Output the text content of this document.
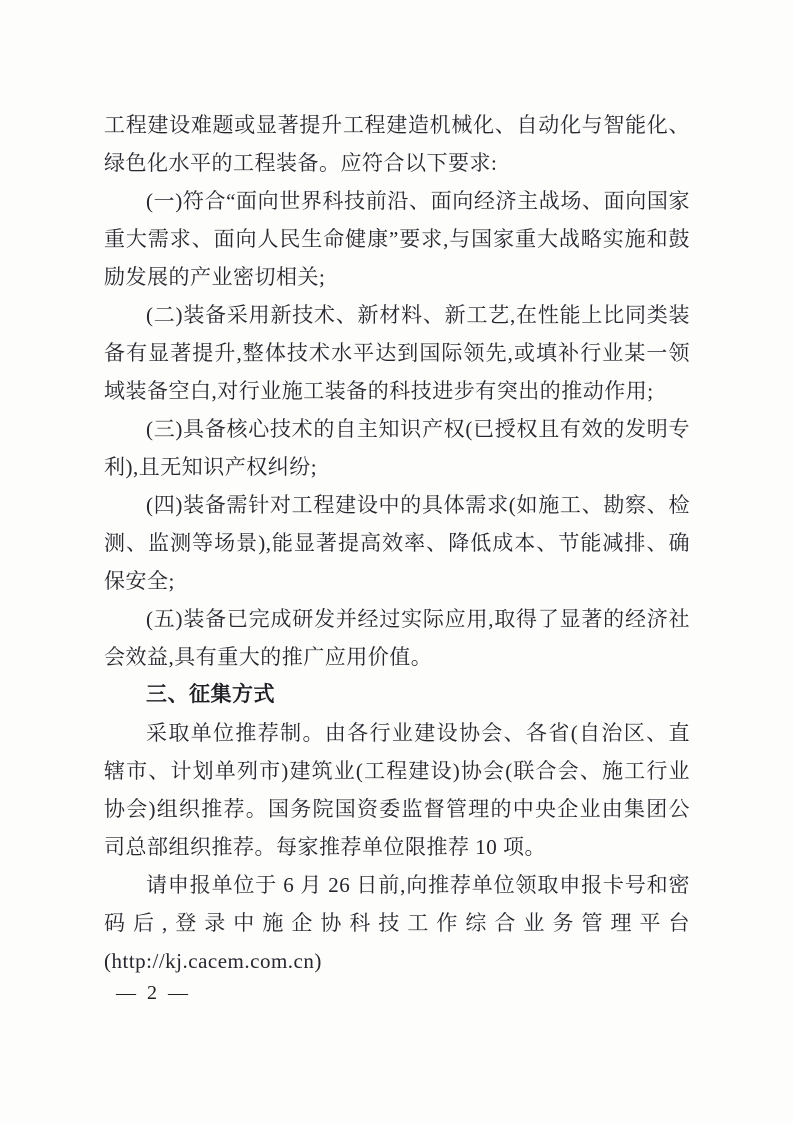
工程建设难题或显著提升工程建造机械化、自动化与智能化、绿色化水平的工程装备。应符合以下要求:

(一)符合“面向世界科技前沿、面向经济主战场、面向国家重大需求、面向人民生命健康”要求,与国家重大战略实施和鼓励发展的产业密切相关;

(二)装备采用新技术、新材料、新工艺,在性能上比同类装备有显著提升,整体技术水平达到国际领先,或填补行业某一领域装备空白,对行业施工装备的科技进步有突出的推动作用;

(三)具备核心技术的自主知识产权(已授权且有效的发明专利),且无知识产权纠纷;

(四)装备需针对工程建设中的具体需求(如施工、勘察、检测、监测等场景),能显著提高效率、降低成本、节能减排、确保安全;

(五)装备已完成研发并经过实际应用,取得了显著的经济社会效益,具有重大的推广应用价值。

三、征集方式

采取单位推荐制。由各行业建设协会、各省(自治区、直辖市、计划单列市)建筑业(工程建设)协会(联合会、施工行业协会)组织推荐。国务院国资委监督管理的中央企业由集团公司总部组织推荐。每家推荐单位限推荐 10 项。

请申报单位于 6 月 26 日前,向推荐单位领取申报卡号和密码后,登录中施企协科技工作综合业务管理平台(http://kj.cacem.com.cn)

— 2 —
